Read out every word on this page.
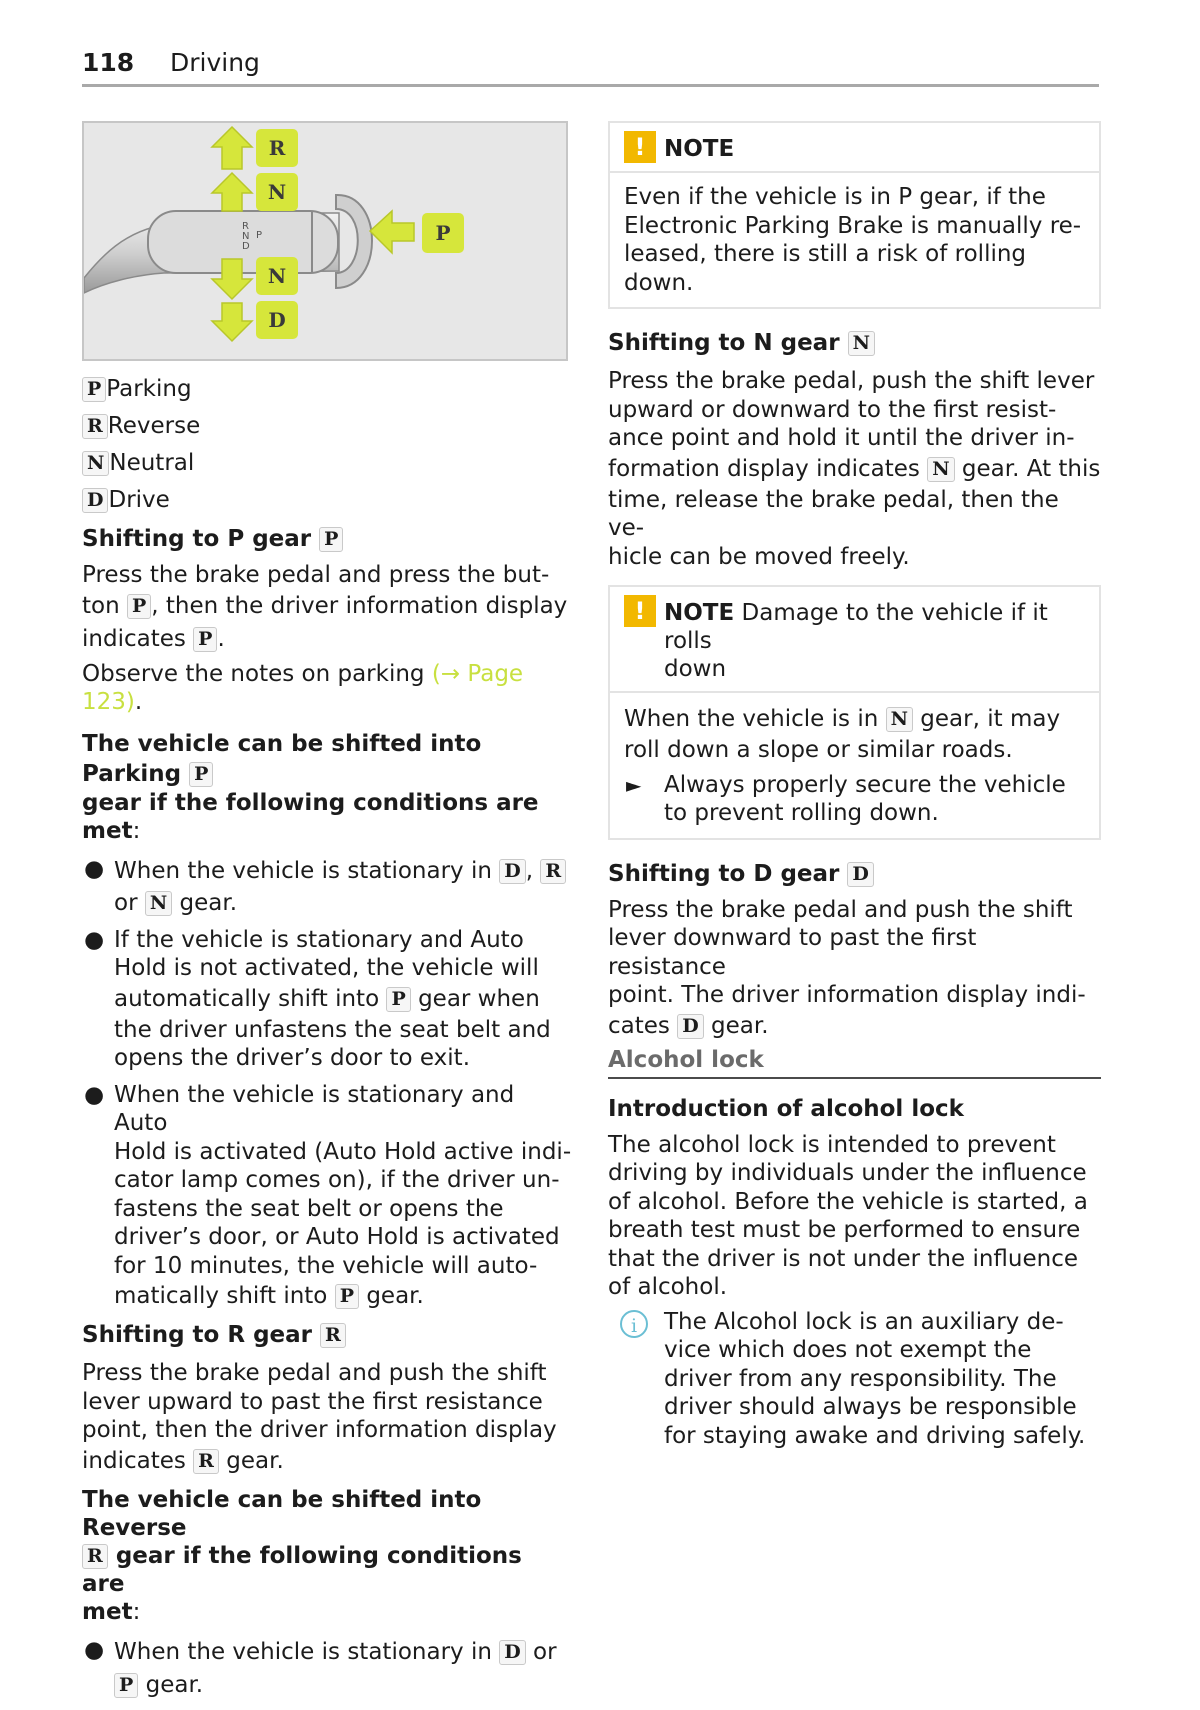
118 Driving
R
N
D
P
R
N
N
D
P
P Parking
R Reverse
N Neutral
D Drive

Shifting to P gear P

Press the brake pedal and press the but-
ton P , then the driver information display
indicates P .
Observe the notes on parking (→ Page
123).
The vehicle can be shifted into Parking P
gear if the following conditions are met:
● When the vehicle is stationary in D , R
or N gear.
● If the vehicle is stationary and Auto
Hold is not activated, the vehicle will
automatically shift into P gear when
the driver unfastens the seat belt and
opens the driver’s door to exit.
● When the vehicle is stationary and Auto
Hold is activated (Auto Hold active indi-
cator lamp comes on), if the driver un-
fastens the seat belt or opens the
driver’s door, or Auto Hold is activated
for 10 minutes, the vehicle will auto-
matically shift into P gear.

Shifting to R gear R

Press the brake pedal and push the shift
lever upward to past the first resistance
point, then the driver information display
indicates R gear.
The vehicle can be shifted into Reverse
R gear if the following conditions are
met:
● When the vehicle is stationary in D or
P gear.
! NOTE
Even if the vehicle is in P gear, if the
Electronic Parking Brake is manually re-
leased, there is still a risk of rolling
down.

Shifting to N gear N

Press the brake pedal, push the shift lever
upward or downward to the first resist-
ance point and hold it until the driver in-
formation display indicates N gear. At this
time, release the brake pedal, then the ve-
hicle can be moved freely.
! NOTE Damage to the vehicle if it rolls
down
When the vehicle is in N gear, it may
roll down a slope or similar roads.
► Always properly secure the vehicle
to prevent rolling down.

Shifting to D gear D

Press the brake pedal and push the shift
lever downward to past the first resistance
point. The driver information display indi-
cates D gear.
Alcohol lock

Introduction of alcohol lock

The alcohol lock is intended to prevent
driving by individuals under the influence
of alcohol. Before the vehicle is started, a
breath test must be performed to ensure
that the driver is not under the influence
of alcohol.
i	The Alcohol lock is an auxiliary de-
vice which does not exempt the
driver from any responsibility. The
driver should always be responsible
for staying awake and driving safely.
